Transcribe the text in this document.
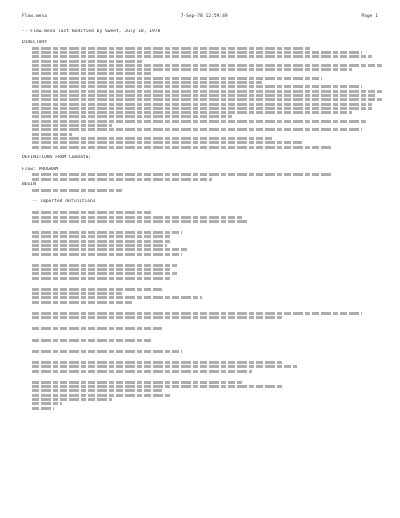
Flow.mesa	7-Sep-78 12:59:49	Page 1
-- Flow.mesa last modified by Sweet, July 18, 1978
DIRECTORY
DEFINITIONS FROM ComData;
Flow: PROGRAM
BEGIN
-- imported definitions
